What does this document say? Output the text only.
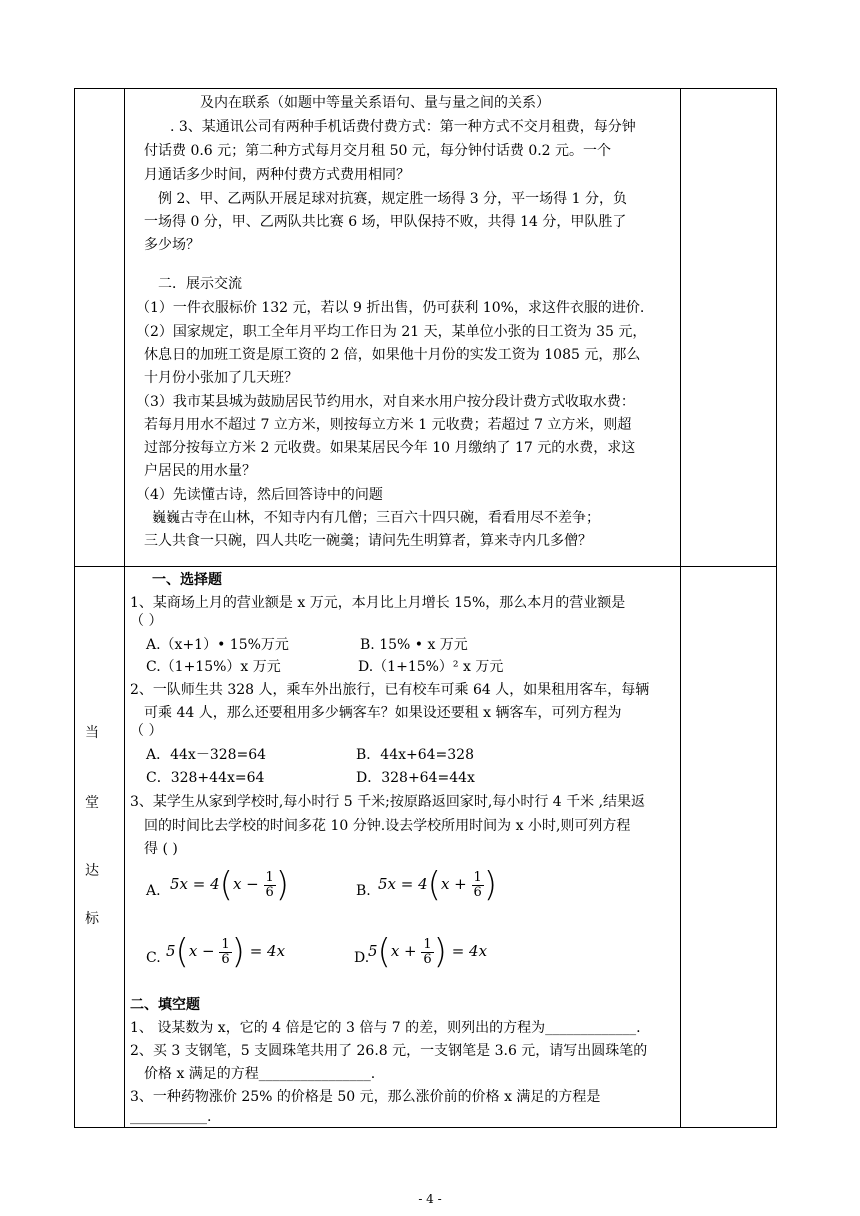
及内在联系（如题中等量关系语句、量与量之间的关系）
. 3、某通讯公司有两种手机话费付费方式：第一种方式不交月租费，每分钟
付话费 0.6 元；第二种方式每月交月租 50 元，每分钟付话费 0.2 元。一个
月通话多少时间，两种付费方式费用相同？
例 2、甲、乙两队开展足球对抗赛，规定胜一场得 3 分，平一场得 1 分，负
一场得 0 分，甲、乙两队共比赛 6 场，甲队保持不败，共得 14 分，甲队胜了
多少场？
二．展示交流
（1）一件衣服标价 132 元，若以 9 折出售，仍可获利 10%，求这件衣服的进价.
（2）国家规定，职工全年月平均工作日为 21 天，某单位小张的日工资为 35 元，
休息日的加班工资是原工资的 2 倍，如果他十月份的实发工资为 1085 元，那么
十月份小张加了几天班？
（3）我市某县城为鼓励居民节约用水，对自来水用户按分段计费方式收取水费：
若每月用水不超过 7 立方米，则按每立方米 1 元收费；若超过 7 立方米，则超
过部分按每立方米 2 元收费。如果某居民今年 10 月缴纳了 17 元的水费，求这
户居民的用水量？
（4）先读懂古诗，然后回答诗中的问题
巍巍古寺在山林，不知寺内有几僧；三百六十四只碗，看看用尽不差争；
三人共食一只碗，四人共吃一碗羹；请问先生明算者，算来寺内几多僧？
当
堂
达
标
一、选择题
1、某商场上月的营业额是 x 万元，本月比上月增长 15%，那么本月的营业额是
（ ）
A.（x+1）• 15%万元	B. 15% • x 万元
C.（1+15%）x 万元	D.（1+15%）² x 万元
2、一队师生共 328 人，乘车外出旅行，已有校车可乘 64 人，如果租用客车，每辆
可乘 44 人，那么还要租用多少辆客车？如果设还要租 x 辆客车，可列方程为
（ ）
A．44x－328=64	B．44x+64=328
C．328+44x=64	D．328+64=44x
3、某学生从家到学校时,每小时行 5 千米;按原路返回家时,每小时行 4 千米 ,结果返
回的时间比去学校的时间多花 10 分钟.设去学校所用时间为 x 小时,则可列方程
得 ( )
A. $5x = 4(x - \frac{1}{6}$ )	B. $5x = 4(x + \frac{1}{6}$ )
C. $5(x - \frac{1}{6}$ ) = 4x	D.
$5(x + \frac{1}{6}$ ) = 4x
二、填空题
1、 设某数为 x，它的 4 倍是它的 3 倍与 7 的差，则列出的方程为_____________.
2、买 3 支钢笔，5 支圆珠笔共用了 26.8 元，一支钢笔是 3.6 元，请写出圆珠笔的
价格 x 满足的方程________________.
3、一种药物涨价 25% 的价格是 50 元，那么涨价前的价格 x 满足的方程是
___________.
- 4 -
